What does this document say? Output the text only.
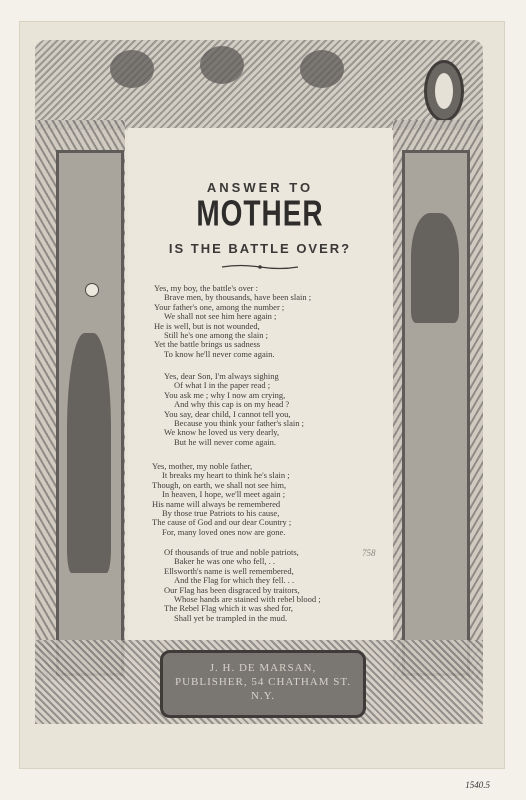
J. H. DE MARSAN,
PUBLISHER, 54 CHATHAM ST. N.Y.
ANSWER TO
MOTHER
IS THE BATTLE OVER?
Yes, my boy, the battle's over :
Brave men, by thousands, have been slain ;
Your father's one, among the number ;
We shall not see him here again ;
He is well, but is not wounded,
Still he's one among the slain ;
Yet the battle brings us sadness
To know he'll never come again.
Yes, dear Son, I'm always sighing
Of what I in the paper read ;
You ask me ; why I now am crying,
And why this cap is on my head ?
You say, dear child, I cannot tell you,
Because you think your father's slain ;
We know he loved us very dearly,
But he will never come again.
Yes, mother, my noble father,
It breaks my heart to think he's slain ;
Though, on earth, we shall not see him,
In heaven, I hope, we'll meet again ;
His name will always be remembered
By those true Patriots to his cause,
The cause of God and our dear Country ;
For, many loved ones now are gone.
Of thousands of true and noble patriots,
Baker he was one who fell, . .
Ellsworth's name is well remembered,
And the Flag for which they fell. . .
Our Flag has been disgraced by traitors,
Whose hands are stained with rebel blood ;
The Rebel Flag which it was shed for,
Shall yet be trampled in the mud.
758
1540.5
